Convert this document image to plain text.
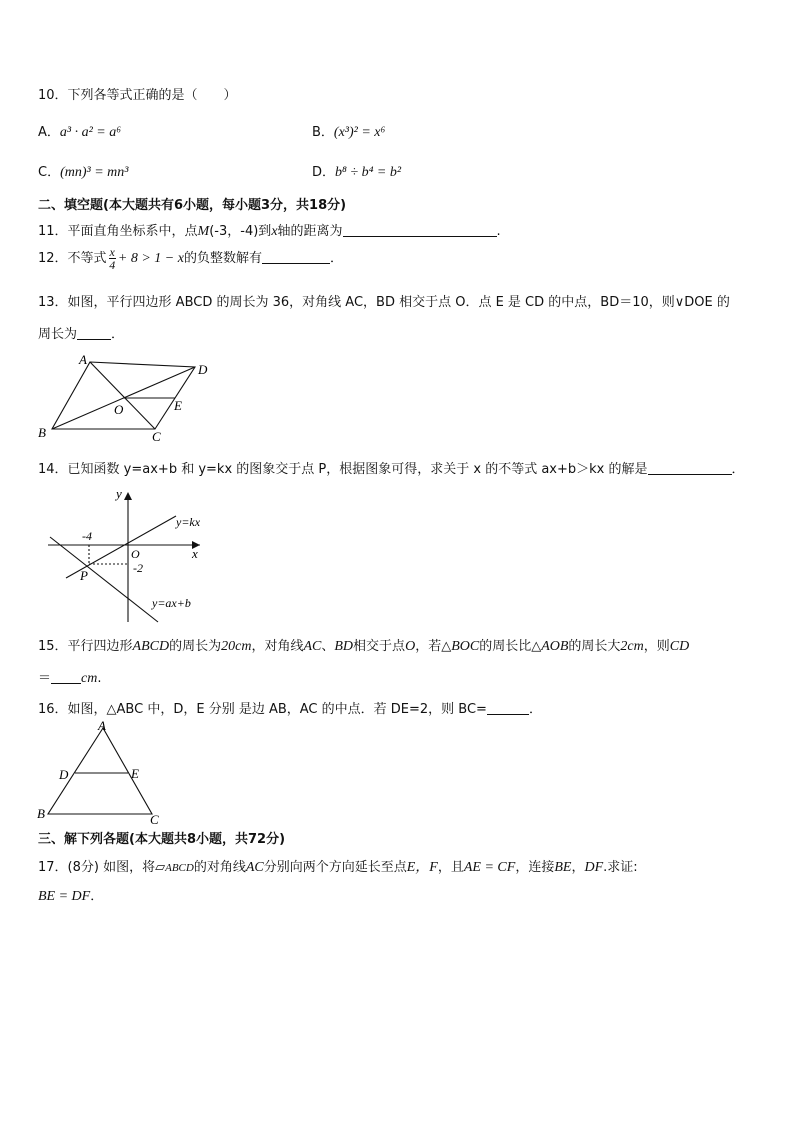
10．下列各等式正确的是（　　）
A．a³ · a² = a⁶	B．(x³)² = x⁶
C．(mn)³ = mn³	D．b⁸ ÷ b⁴ = b²
二、填空题(本大题共有6小题，每小题3分，共18分)
11．平面直角坐标系中，点M(-3，-4)到x轴的距离为	.
12．不等式 $\frac{x}{4} + 8 > 1 - x$的负整数解有	．
13．如图，平行四边形 ABCD 的周长为 36，对角线 AC，BD 相交于点 O．点 E 是 CD 的中点，BD＝10，则∨DOE 的
周长为	．
A
D
O	E
B	C
14．已知函数 y=ax+b 和 y=kx 的图象交于点 P，根据图象可得，求关于 x 的不等式 ax+b＞kx 的解是	．
y
x
O
-4
-2
P
y=kx
y=ax+b
15．平行四边形ABCD的周长为20cm，对角线AC、BD相交于点O，若△BOC的周长比△AOB的周长大2cm，则CD
＝ cm.
16．如图，△ABC 中，D，E 分别 是边 AB，AC 的中点．若 DE=2，则 BC=	．
A
D	E
B	C
三、解下列各题(本大题共8小题，共72分)
17．(8分) 如图，将▱ABCD的对角线AC分别向两个方向延长至点E，F，且AE = CF，连接BE，DF.求证:
BE = DF．
